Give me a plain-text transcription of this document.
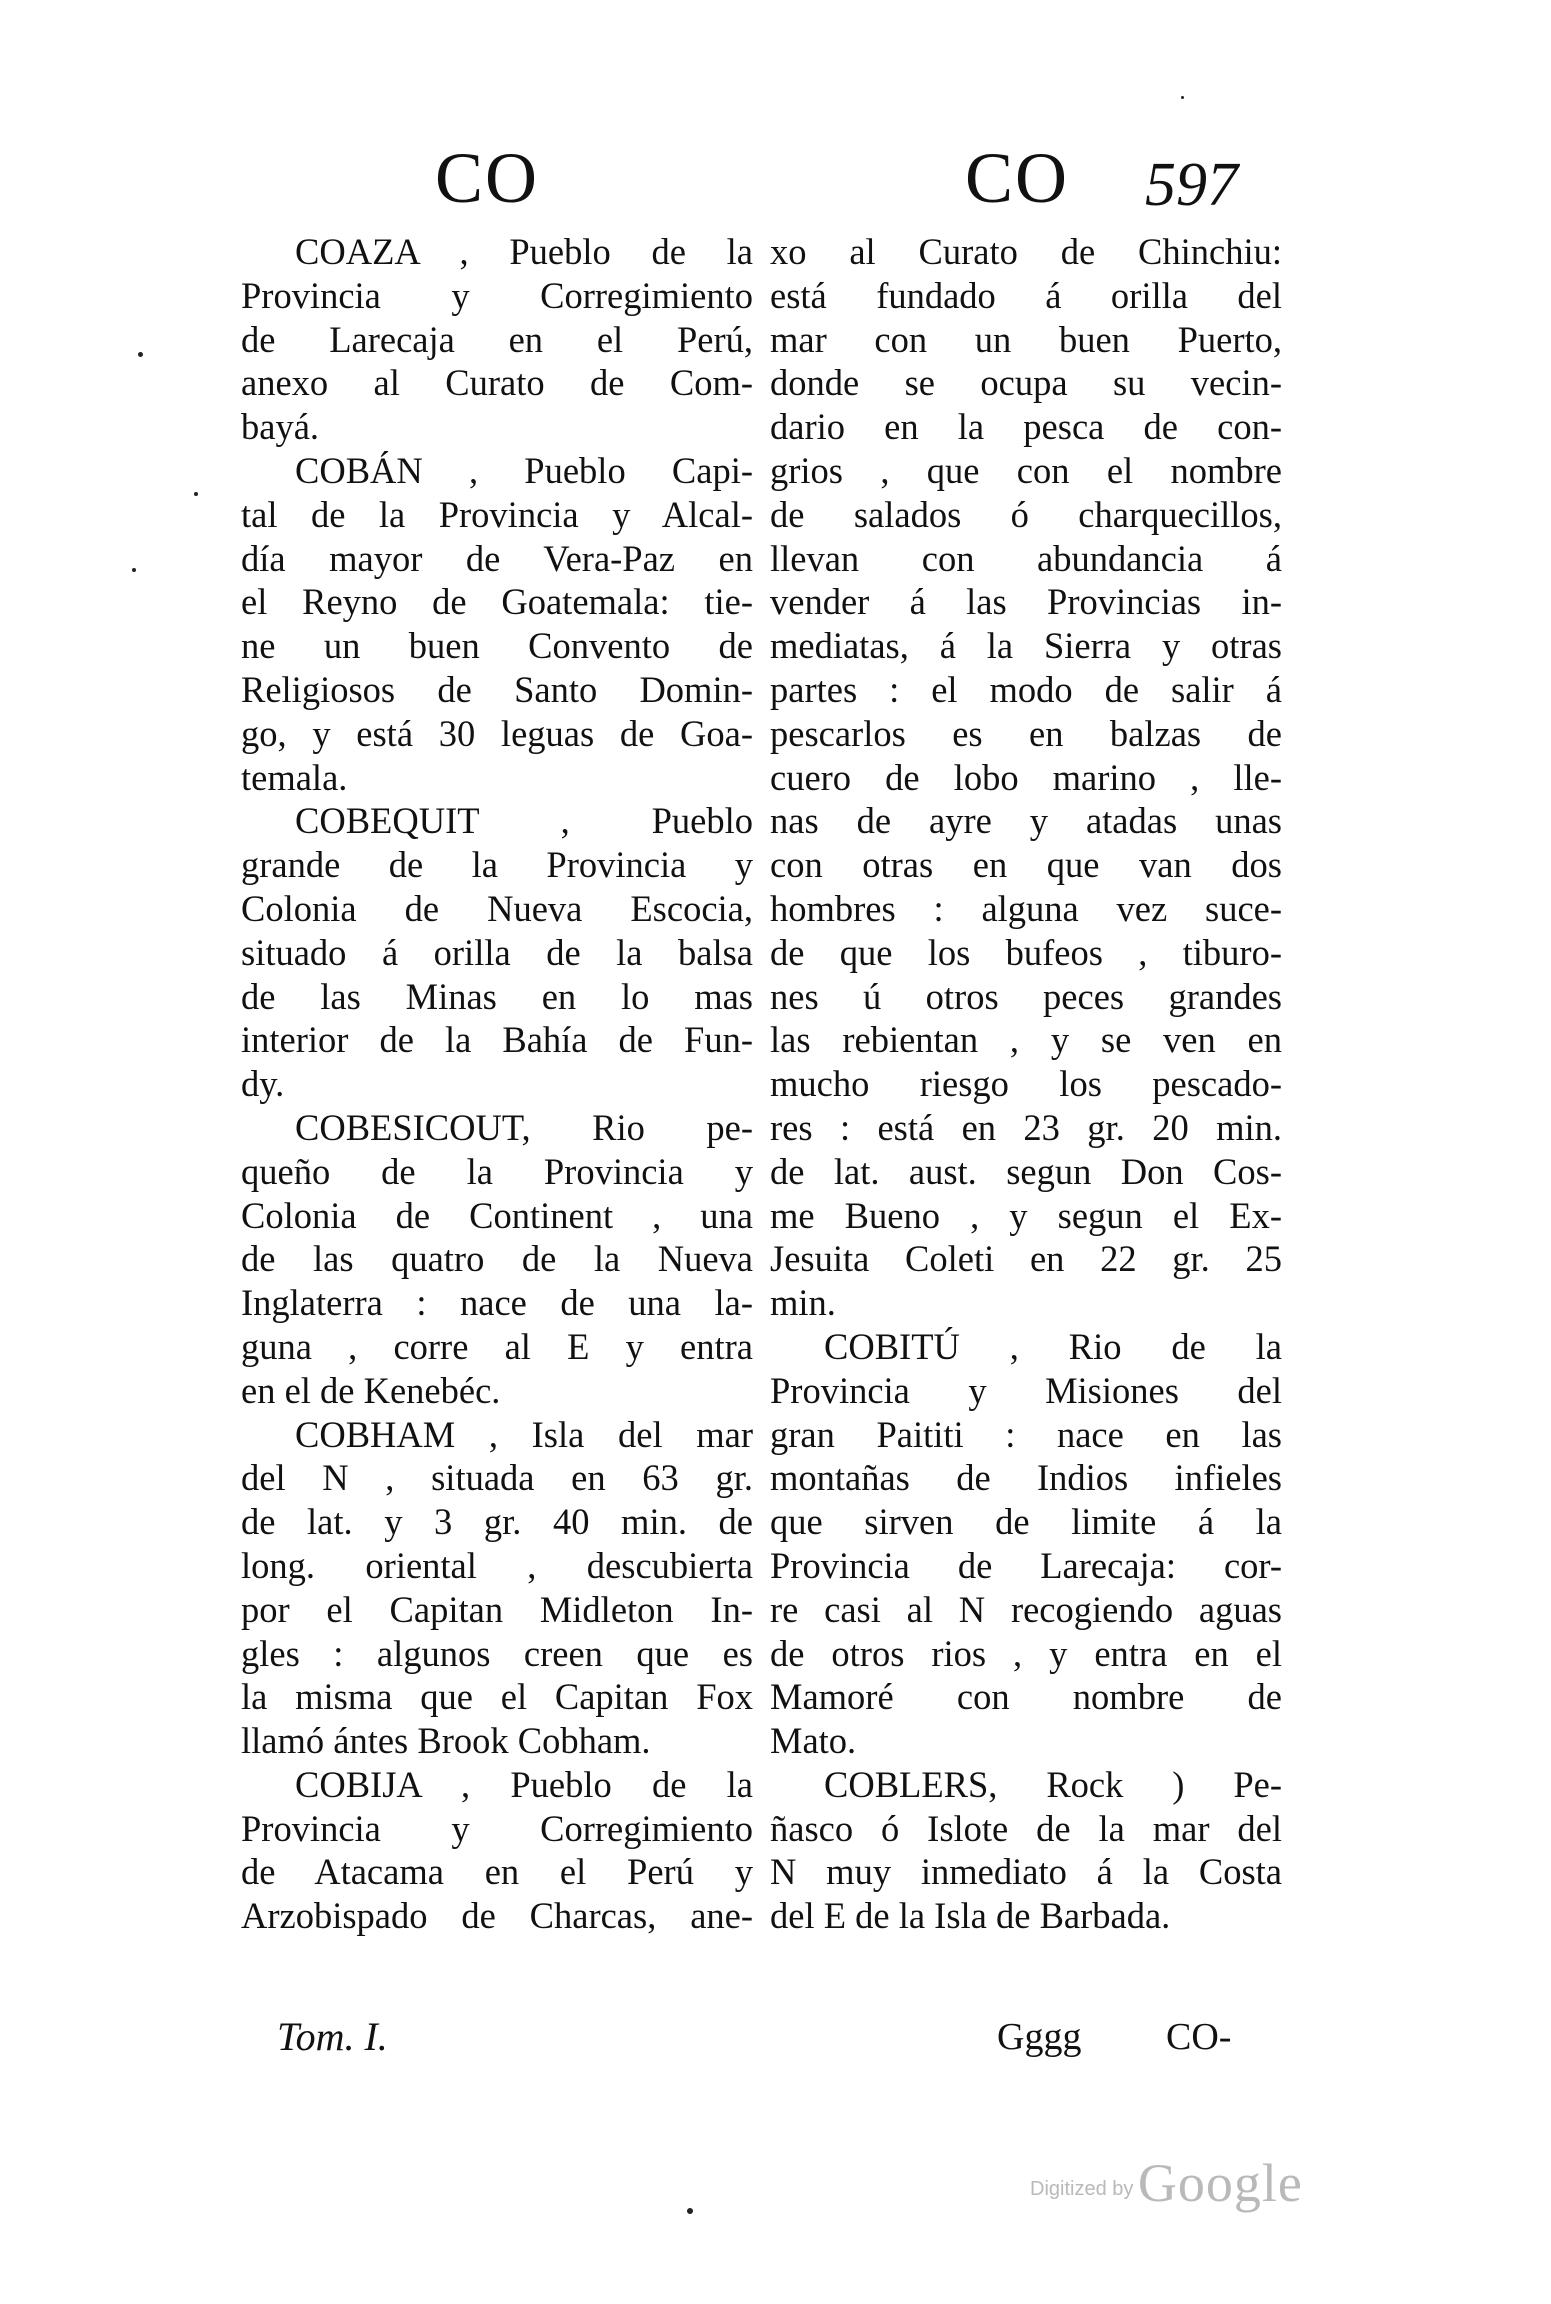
CO	CO 597
COAZA , Pueblo de la
Provincia y Corregimiento
de Larecaja en el Perú,
anexo al Curato de Com-
bayá.
COBÁN , Pueblo Capi-
tal de la Provincia y Alcal-
día mayor de Vera-Paz en
el Reyno de Goatemala: tie-
ne un buen Convento de
Religiosos de Santo Domin-
go, y está 30 leguas de Goa-
temala.
COBEQUIT , Pueblo
grande de la Provincia y
Colonia de Nueva Escocia,
situado á orilla de la balsa
de las Minas en lo mas
interior de la Bahía de Fun-
dy.
COBESICOUT, Rio pe-
queño de la Provincia y
Colonia de Continent , una
de las quatro de la Nueva
Inglaterra : nace de una la-
guna , corre al E y entra
en el de Kenebéc.
COBHAM , Isla del mar
del N , situada en 63 gr.
de lat. y 3 gr. 40 min. de
long. oriental , descubierta
por el Capitan Midleton In-
gles : algunos creen que es
la misma que el Capitan Fox
llamó ántes Brook Cobham.
COBIJA , Pueblo de la
Provincia y Corregimiento
de Atacama en el Perú y
Arzobispado de Charcas, ane-
xo al Curato de Chinchiu:
está fundado á orilla del
mar con un buen Puerto,
donde se ocupa su vecin-
dario en la pesca de con-
grios , que con el nombre
de salados ó charquecillos,
llevan con abundancia á
vender á las Provincias in-
mediatas, á la Sierra y otras
partes : el modo de salir á
pescarlos es en balzas de
cuero de lobo marino , lle-
nas de ayre y atadas unas
con otras en que van dos
hombres : alguna vez suce-
de que los bufeos , tiburo-
nes ú otros peces grandes
las rebientan , y se ven en
mucho riesgo los pescado-
res : está en 23 gr. 20 min.
de lat. aust. segun Don Cos-
me Bueno , y segun el Ex-
Jesuita Coleti en 22 gr. 25
min.
COBITÚ , Rio de la
Provincia y Misiones del
gran Paititi : nace en las
montañas de Indios infieles
que sirven de limite á la
Provincia de Larecaja: cor-
re casi al N recogiendo aguas
de otros rios , y entra en el
Mamoré con nombre de
Mato.
COBLERS, Rock ) Pe-
ñasco ó Islote de la mar del
N muy inmediato á la Costa
del E de la Isla de Barbada.
Tom. I.	Gggg CO-
Digitized by Google
